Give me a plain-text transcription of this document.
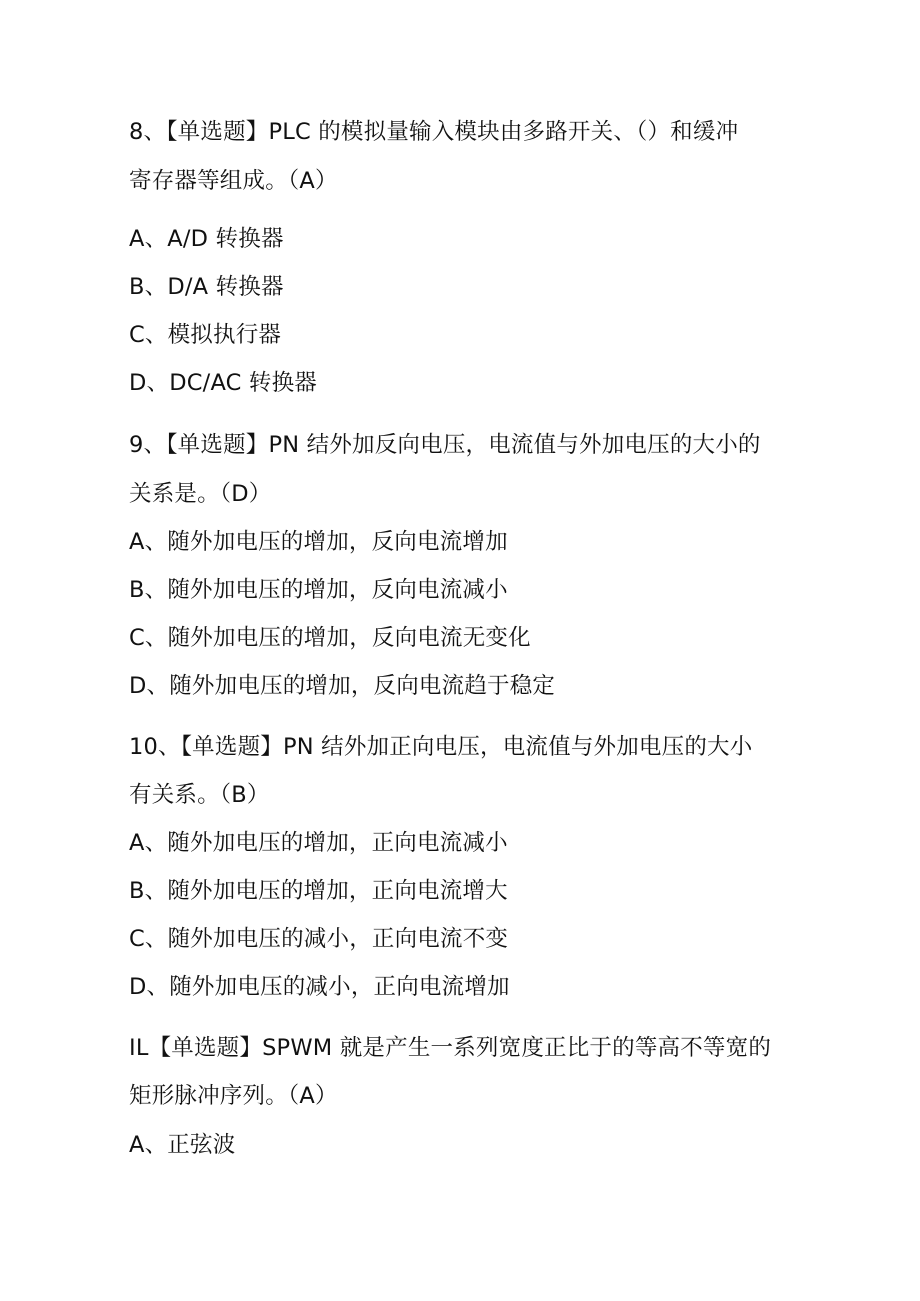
8、【单选题】PLC 的模拟量输入模块由多路开关、（）和缓冲
寄存器等组成。（A）
A、A/D 转换器
B、D/A 转换器
C、模拟执行器
D、DC/AC 转换器
9、【单选题】PN 结外加反向电压，电流值与外加电压的大小的
关系是。（D）
A、随外加电压的增加，反向电流增加
B、随外加电压的增加，反向电流减小
C、随外加电压的增加，反向电流无变化
D、随外加电压的增加，反向电流趋于稳定
10、【单选题】PN 结外加正向电压，电流值与外加电压的大小
有关系。（B）
A、随外加电压的增加，正向电流减小
B、随外加电压的增加，正向电流增大
C、随外加电压的减小，正向电流不变
D、随外加电压的减小，正向电流增加
IL【单选题】SPWM 就是产生一系列宽度正比于的等高不等宽的
矩形脉冲序列。（A）
A、正弦波
